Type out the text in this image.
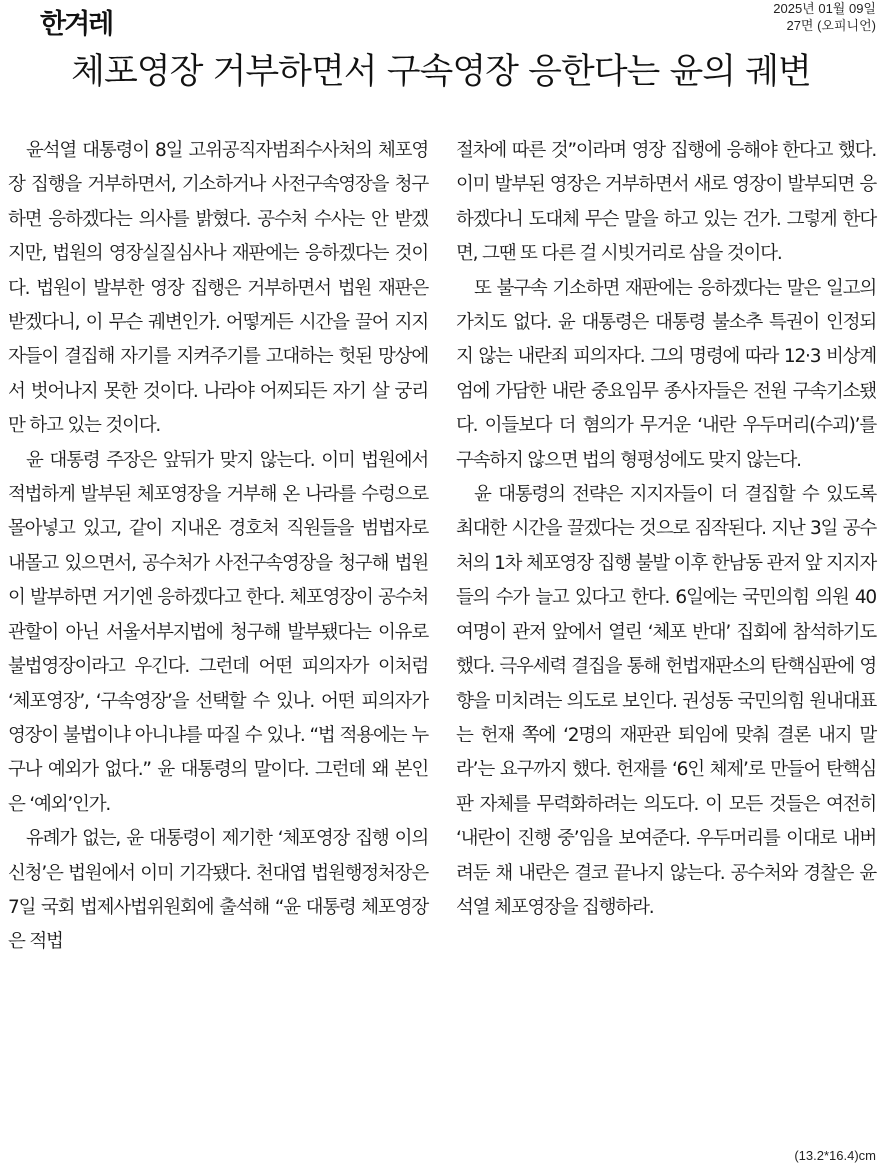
한겨레
2025년 01월 09일
27면 (오피니언)
체포영장 거부하면서 구속영장 응한다는 윤의 궤변

윤석열 대통령이 8일 고위공직자범죄수사처의 체포영장 집행을 거부하면서, 기소하거나 사전구속영장을 청구하면 응하겠다는 의사를 밝혔다. 공수처 수사는 안 받겠지만, 법원의 영장실질심사나 재판에는 응하겠다는 것이다. 법원이 발부한 영장 집행은 거부하면서 법원 재판은 받겠다니, 이 무슨 궤변인가. 어떻게든 시간을 끌어 지지자들이 결집해 자기를 지켜주기를 고대하는 헛된 망상에서 벗어나지 못한 것이다. 나라야 어찌되든 자기 살 궁리만 하고 있는 것이다.

윤 대통령 주장은 앞뒤가 맞지 않는다. 이미 법원에서 적법하게 발부된 체포영장을 거부해 온 나라를 수렁으로 몰아넣고 있고, 같이 지내온 경호처 직원들을 범법자로 내몰고 있으면서, 공수처가 사전구속영장을 청구해 법원이 발부하면 거기엔 응하겠다고 한다. 체포영장이 공수처 관할이 아닌 서울서부지법에 청구해 발부됐다는 이유로 불법영장이라고 우긴다. 그런데 어떤 피의자가 이처럼 ‘체포영장’, ‘구속영장’을 선택할 수 있나. 어떤 피의자가 영장이 불법이냐 아니냐를 따질 수 있나. “법 적용에는 누구나 예외가 없다.” 윤 대통령의 말이다. 그런데 왜 본인은 ‘예외’인가.

유례가 없는, 윤 대통령이 제기한 ‘체포영장 집행 이의신청’은 법원에서 이미 기각됐다. 천대엽 법원행정처장은 7일 국회 법제사법위원회에 출석해 “윤 대통령 체포영장은 적법

절차에 따른 것”이라며 영장 집행에 응해야 한다고 했다. 이미 발부된 영장은 거부하면서 새로 영장이 발부되면 응하겠다니 도대체 무슨 말을 하고 있는 건가. 그렇게 한다면, 그땐 또 다른 걸 시빗거리로 삼을 것이다.

또 불구속 기소하면 재판에는 응하겠다는 말은 일고의 가치도 없다. 윤 대통령은 대통령 불소추 특권이 인정되지 않는 내란죄 피의자다. 그의 명령에 따라 12·3 비상계엄에 가담한 내란 중요임무 종사자들은 전원 구속기소됐다. 이들보다 더 혐의가 무거운 ‘내란 우두머리(수괴)’를 구속하지 않으면 법의 형평성에도 맞지 않는다.

윤 대통령의 전략은 지지자들이 더 결집할 수 있도록 최대한 시간을 끌겠다는 것으로 짐작된다. 지난 3일 공수처의 1차 체포영장 집행 불발 이후 한남동 관저 앞 지지자들의 수가 늘고 있다고 한다. 6일에는 국민의힘 의원 40여명이 관저 앞에서 열린 ‘체포 반대’ 집회에 참석하기도 했다. 극우세력 결집을 통해 헌법재판소의 탄핵심판에 영향을 미치려는 의도로 보인다. 권성동 국민의힘 원내대표는 헌재 쪽에 ‘2명의 재판관 퇴임에 맞춰 결론 내지 말라’는 요구까지 했다. 헌재를 ‘6인 체제’로 만들어 탄핵심판 자체를 무력화하려는 의도다. 이 모든 것들은 여전히 ‘내란이 진행 중’임을 보여준다. 우두머리를 이대로 내버려둔 채 내란은 결코 끝나지 않는다. 공수처와 경찰은 윤석열 체포영장을 집행하라.

(13.2*16.4)cm
